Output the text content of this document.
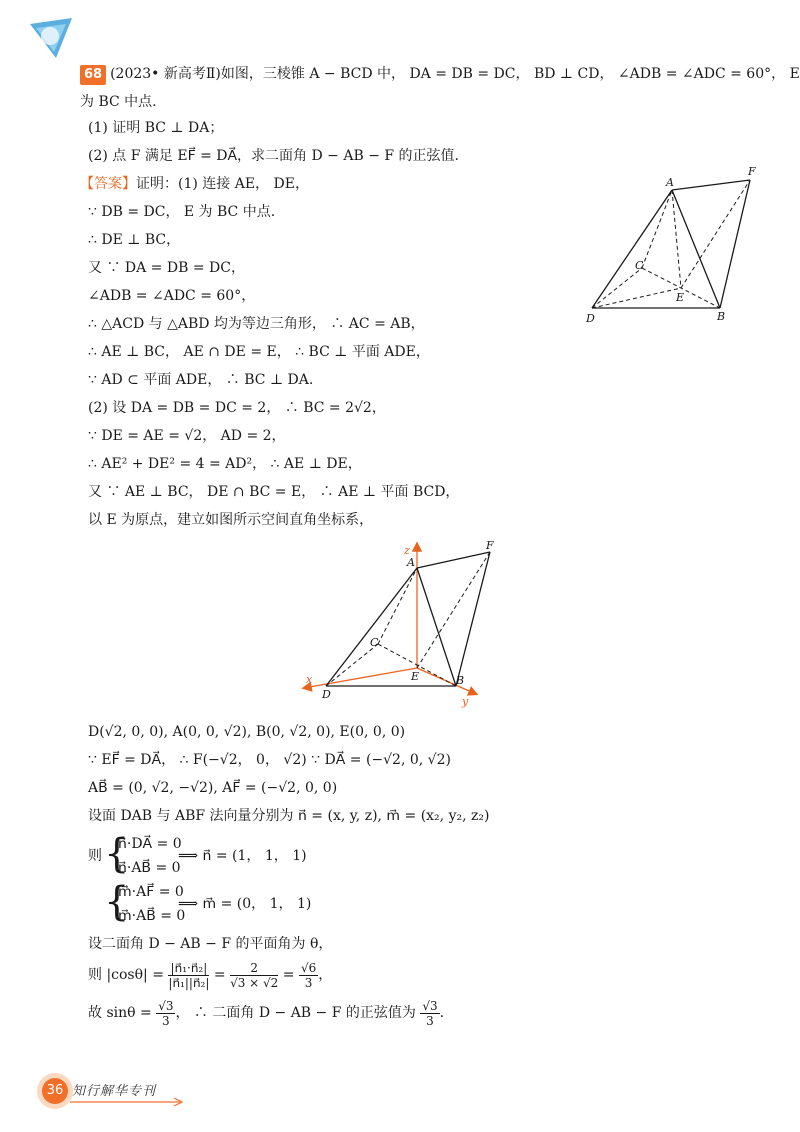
68 (2023• 新高考Ⅱ)如图，三棱锥 A − BCD 中， DA = DB = DC， BD ⊥ CD， ∠ADB = ∠ADC = 60°， E
为 BC 中点.
(1) 证明 BC ⊥ DA；
(2) 点 F 满足 EF⃗ = DA⃗，求二面角 D − AB − F 的正弦值.
【答案】证明：(1) 连接 AE， DE，
∵ DB = DC， E 为 BC 中点.
∴ DE ⊥ BC，
又 ∵ DA = DB = DC，
∠ADB = ∠ADC = 60°，
∴ △ACD 与 △ABD 均为等边三角形， ∴ AC = AB，
∴ AE ⊥ BC， AE ∩ DE = E， ∴ BC ⊥ 平面 ADE，
∵ AD ⊂ 平面 ADE， ∴ BC ⊥ DA.
(2) 设 DA = DB = DC = 2， ∴ BC = 2√2，
∵ DE = AE = √2， AD = 2，
∴ AE² + DE² = 4 = AD²， ∴ AE ⊥ DE，
又 ∵ AE ⊥ BC， DE ∩ BC = E， ∴ AE ⊥ 平面 BCD，
以 E 为原点，建立如图所示空间直角坐标系，
A
F
C
E
D	B
z
x
y
A
F
C
E
D
B
D(√2, 0, 0), A(0, 0, √2), B(0, √2, 0), E(0, 0, 0)
∵ EF⃗ = DA⃗， ∴ F(−√2， 0， √2) ∵ DA⃗ = (−√2, 0, √2)
AB⃗ = (0, √2, −√2), AF⃗ = (−√2, 0, 0)
设面 DAB 与 ABF 法向量分别为 n⃗ = (x, y, z), m⃗ = (x₂, y₂, z₂)
则 {
n⃗·DA⃗ = 0
n⃗·AB⃗ = 0
⟹ n⃗ = (1， 1， 1)
{
m⃗·AF⃗ = 0
m⃗·AB⃗ = 0
⟹ m⃗ = (0， 1， 1)
设二面角 D − AB − F 的平面角为 θ，
则 $|\cos\theta| = \frac{\text{|n⃗₁·n⃗₂|}}{\text{|n⃗₁||n⃗₂|}} = \frac{2}{√3 \times √2} = \frac{√6}{3}$ ，
故 $\sin\theta = \frac{√3}{3}$ ， ∴ 二面角 D − AB − F 的正弦值为 $\frac{√3}{3}$ .
36 知行解华专刊
